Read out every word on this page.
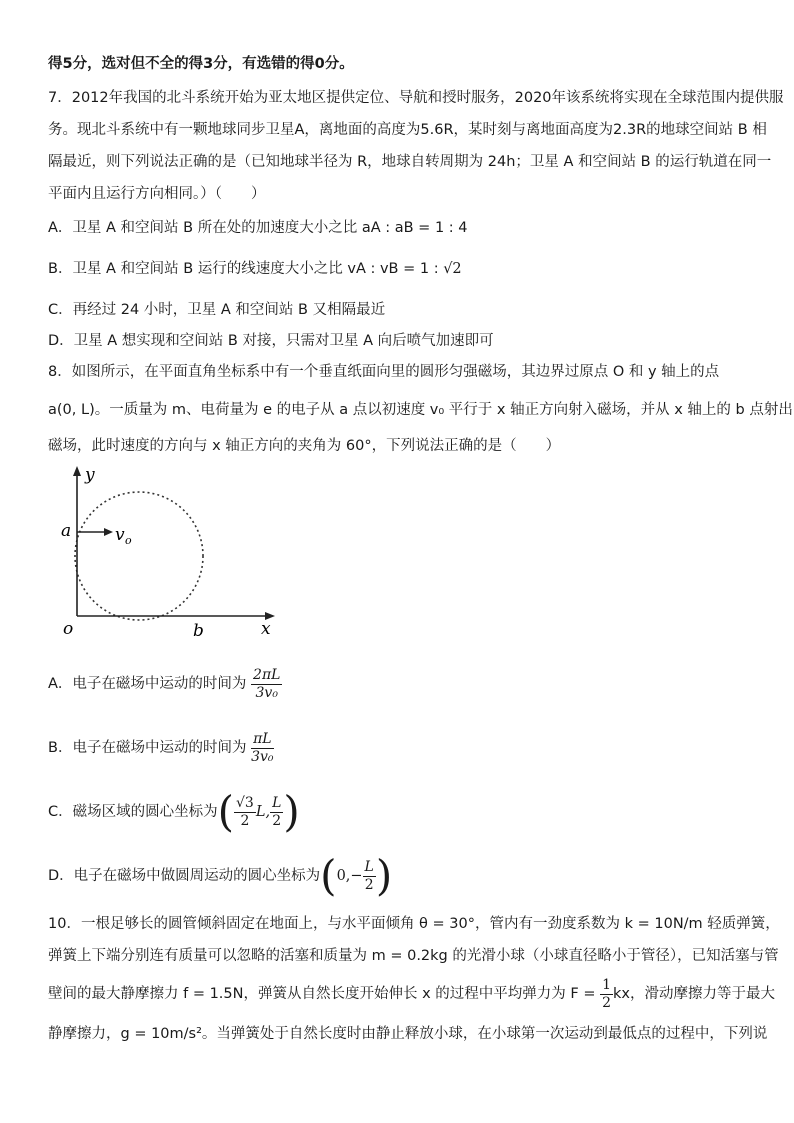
得5分，选对但不全的得3分，有选错的得0分。
7．2012年我国的北斗系统开始为亚太地区提供定位、导航和授时服务，2020年该系统将实现在全球范围内提供服
务。现北斗系统中有一颗地球同步卫星A，离地面的高度为5.6R，某时刻与离地面高度为2.3R的地球空间站 B 相
隔最近，则下列说法正确的是（已知地球半径为 R，地球自转周期为 24h；卫星 A 和空间站 B 的运行轨道在同一
平面内且运行方向相同。）（　　）
A．卫星 A 和空间站 B 所在处的加速度大小之比 aA : aB = 1 : 4
B．卫星 A 和空间站 B 运行的线速度大小之比 vA : vB = 1 : √2
C．再经过 24 小时，卫星 A 和空间站 B 又相隔最近
D．卫星 A 想实现和空间站 B 对接，只需对卫星 A 向后喷气加速即可
8．如图所示，在平面直角坐标系中有一个垂直纸面向里的圆形匀强磁场，其边界过原点 O 和 y 轴上的点
a(0, L)。一质量为 m、电荷量为 e 的电子从 a 点以初速度 v₀ 平行于 x 轴正方向射入磁场，并从 x 轴上的 b 点射出
磁场，此时速度的方向与 x 轴正方向的夹角为 60°，下列说法正确的是（　　）
y
x
a
o	b
v o
A．电子在磁场中运动的时间为 $\frac{2\pi L}{\text{3v₀}}$
B．电子在磁场中运动的时间为 $\frac{\pi L}{\text{3v₀}}$
C．磁场区域的圆心坐标为( $\frac{√3}{2} L$, $\frac{L}{2}$ )
D．电子在磁场中做圆周运动的圆心坐标为($0,- \frac{L}{2}$ )
10．一根足够长的圆管倾斜固定在地面上，与水平面倾角 θ = 30°，管内有一劲度系数为 k = 10N/m 轻质弹簧，
弹簧上下端分别连有质量可以忽略的活塞和质量为 m = 0.2kg 的光滑小球（小球直径略小于管径），已知活塞与管
壁间的最大静摩擦力 f = 1.5N，弹簧从自然长度开始伸长 x 的过程中平均弹力为 $F = \frac{1}{2}$ kx，滑动摩擦力等于最大
静摩擦力，g = 10m/s²。当弹簧处于自然长度时由静止释放小球，在小球第一次运动到最低点的过程中，下列说
